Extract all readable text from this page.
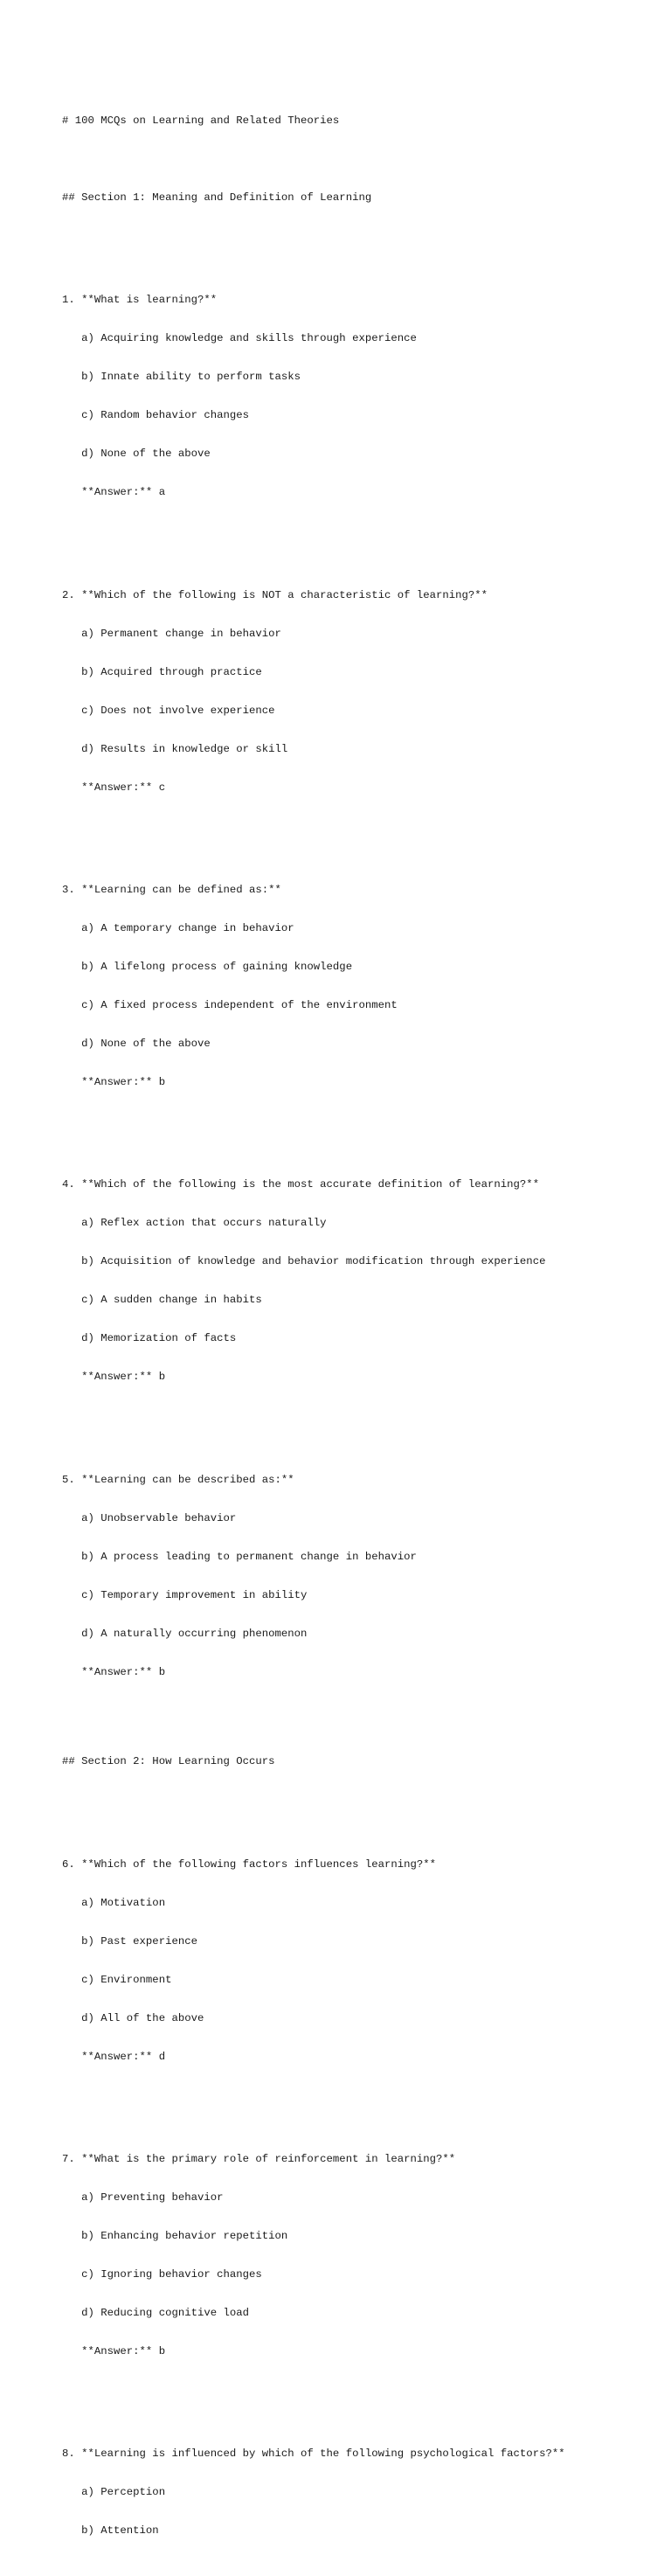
# 100 MCQs on Learning and Related Theories

## Section 1: Meaning and Definition of Learning

1. **What is learning?**

a) Acquiring knowledge and skills through experience

b) Innate ability to perform tasks

c) Random behavior changes

d) None of the above

**Answer:** a

2. **Which of the following is NOT a characteristic of learning?**

a) Permanent change in behavior

b) Acquired through practice

c) Does not involve experience

d) Results in knowledge or skill

**Answer:** c

3. **Learning can be defined as:**

a) A temporary change in behavior

b) A lifelong process of gaining knowledge

c) A fixed process independent of the environment

d) None of the above

**Answer:** b

4. **Which of the following is the most accurate definition of learning?**

a) Reflex action that occurs naturally

b) Acquisition of knowledge and behavior modification through experience

c) A sudden change in habits

d) Memorization of facts

**Answer:** b

5. **Learning can be described as:**

a) Unobservable behavior

b) A process leading to permanent change in behavior

c) Temporary improvement in ability

d) A naturally occurring phenomenon

**Answer:** b

## Section 2: How Learning Occurs

6. **Which of the following factors influences learning?**

a) Motivation

b) Past experience

c) Environment

d) All of the above

**Answer:** d

7. **What is the primary role of reinforcement in learning?**

a) Preventing behavior

b) Enhancing behavior repetition

c) Ignoring behavior changes

d) Reducing cognitive load

**Answer:** b

8. **Learning is influenced by which of the following psychological factors?**

a) Perception

b) Attention
